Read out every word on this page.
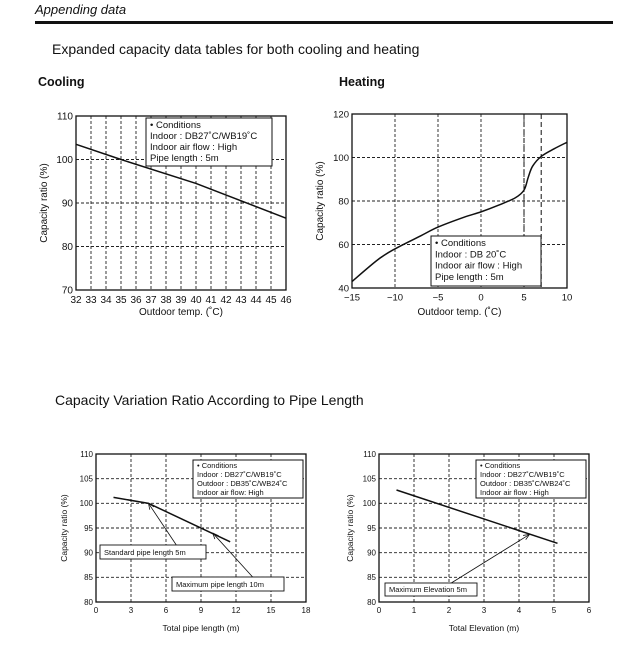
Appending data
Expanded capacity data tables for both cooling and heating
Cooling	Heating
Capacity Variation Ratio According to Pipe Length
32 33 34 35 36 37 38 39 40 41 42 43 44 45 46
70
80
90
100
110
Outdoor temp. (˚C)
Capacity ratio (%)
• Conditions
Indoor : DB27˚C/WB19˚C
Indoor air flow : High
Pipe length : 5m
−15	−10	−5	0	5	10
40
60
80
100
120
Outdoor temp. (˚C)
Capacity ratio (%)
• Conditions
Indoor : DB 20˚C
Indoor air flow : High
Pipe length : 5m
0	3	6	9	12	15	18
80
85
90
95
100
105
110
Total pipe length (m)
Capacity ratio (%)
• Conditions
Indoor : DB27˚C/WB19˚C
Outdoor : DB35˚C/WB24˚C
Indoor air flow: High
Standard pipe length 5m
Maximum pipe length 10m
0	1	2	3	4	5	6
80
85
90
95
100
105
110
Total Elevation (m)
Capacity ratio (%)
• Conditions
Indoor : DB27˚C/WB19˚C
Outdoor : DB35˚C/WB24˚C
Indoor air flow : High
Maximum Elevation 5m
